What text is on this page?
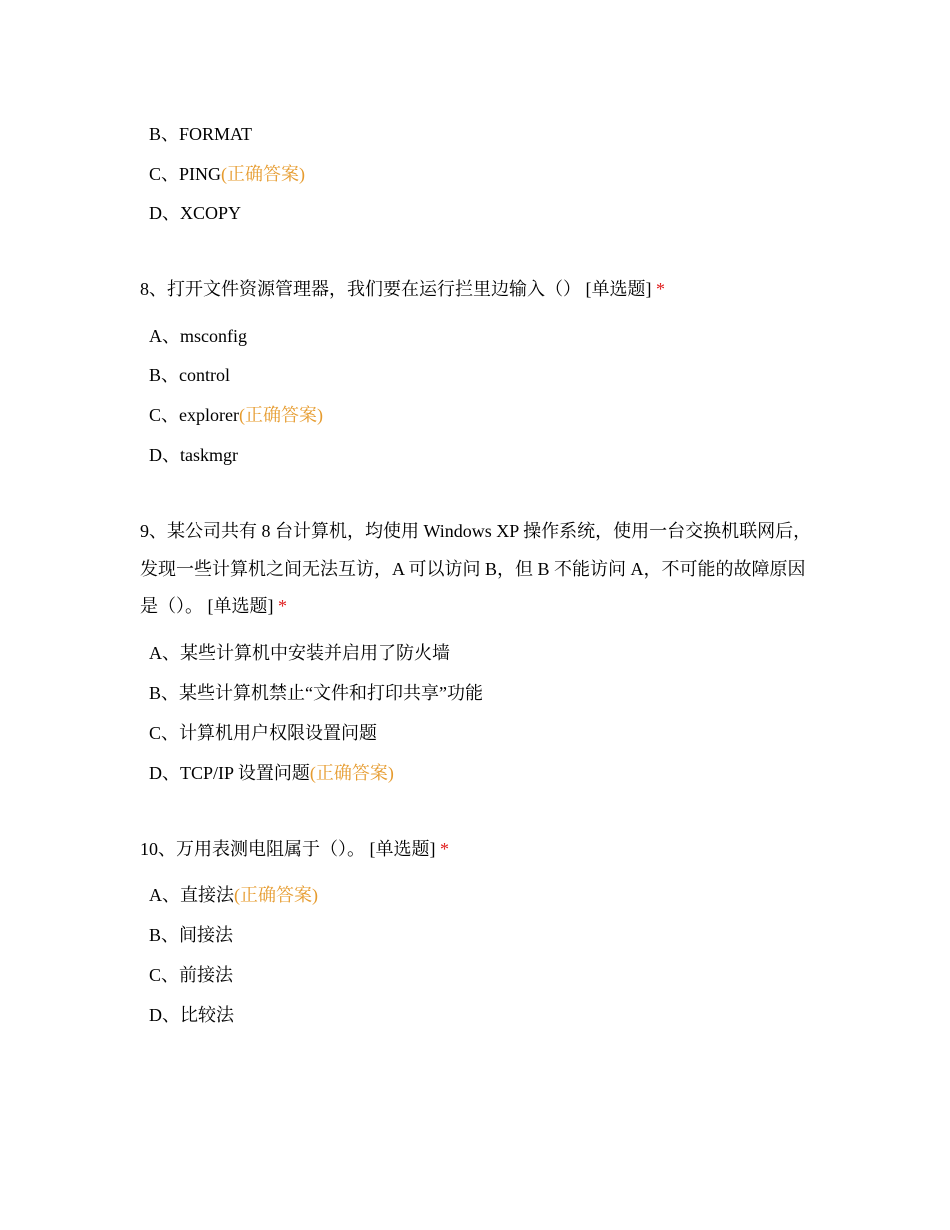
B、FORMAT
C、PING(正确答案)
D、XCOPY
8、打开文件资源管理器，我们要在运行拦里边输入（） [单选题] *
A、msconfig
B、control
C、explorer(正确答案)
D、taskmgr
9、某公司共有 8 台计算机，均使用 Windows XP 操作系统，使用一台交换机联网后，发现一些计算机之间无法互访，A 可以访问 B，但 B 不能访问 A，不可能的故障原因是（）。 [单选题] *
A、某些计算机中安装并启用了防火墙
B、某些计算机禁止“文件和打印共享”功能
C、计算机用户权限设置问题
D、TCP/IP 设置问题(正确答案)
10、万用表测电阻属于（）。 [单选题] *
A、直接法(正确答案)
B、间接法
C、前接法
D、比较法
